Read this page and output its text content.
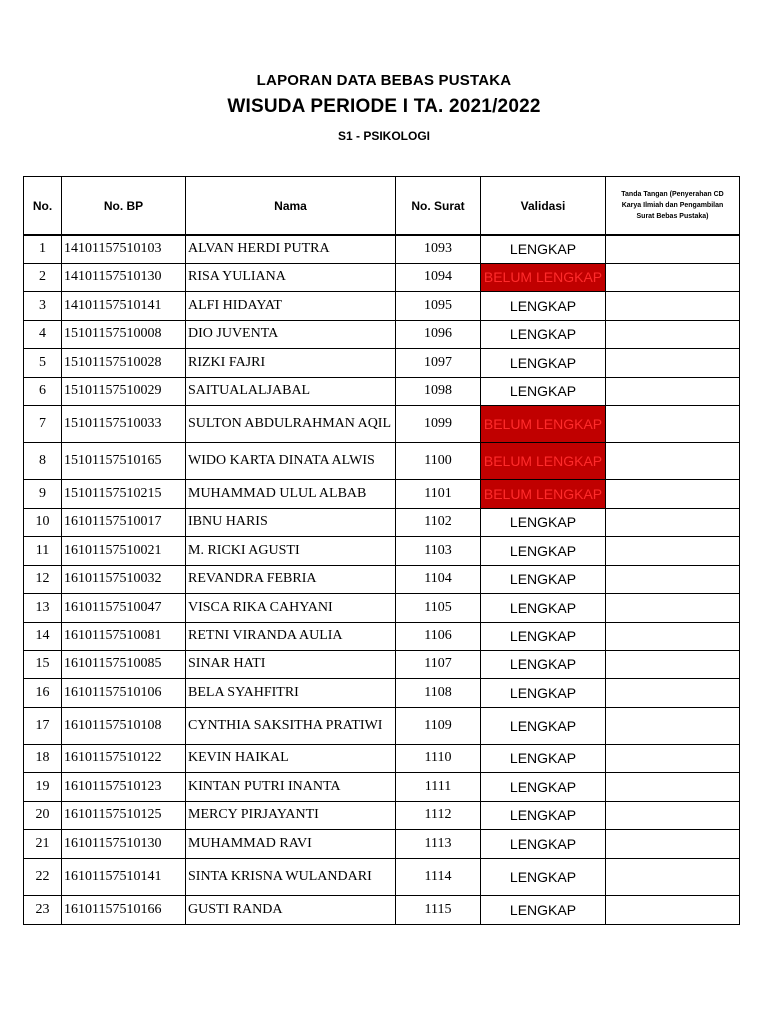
LAPORAN DATA BEBAS PUSTAKA
WISUDA PERIODE I TA. 2021/2022
S1 - PSIKOLOGI
No.	No. BP	Nama	No. Surat	Validasi	Tanda Tangan (Penyerahan CD Karya Ilmiah dan Pengambilan Surat Bebas Pustaka)
1	14101157510103	ALVAN HERDI PUTRA	1093	LENGKAP	
2	14101157510130	RISA YULIANA	1094	BELUM LENGKAP	
3	14101157510141	ALFI HIDAYAT	1095	LENGKAP	
4	15101157510008	DIO JUVENTA	1096	LENGKAP	
5	15101157510028	RIZKI FAJRI	1097	LENGKAP	
6	15101157510029	SAITUALALJABAL	1098	LENGKAP	
7	15101157510033	SULTON ABDULRAHMAN AQIL	1099	BELUM LENGKAP	
8	15101157510165	WIDO KARTA DINATA ALWIS	1100	BELUM LENGKAP	
9	15101157510215	MUHAMMAD ULUL ALBAB	1101	BELUM LENGKAP	
10	16101157510017	IBNU HARIS	1102	LENGKAP	
11	16101157510021	M. RICKI AGUSTI	1103	LENGKAP	
12	16101157510032	REVANDRA FEBRIA	1104	LENGKAP	
13	16101157510047	VISCA RIKA CAHYANI	1105	LENGKAP	
14	16101157510081	RETNI VIRANDA AULIA	1106	LENGKAP	
15	16101157510085	SINAR HATI	1107	LENGKAP	
16	16101157510106	BELA SYAHFITRI	1108	LENGKAP	
17	16101157510108	CYNTHIA SAKSITHA PRATIWI	1109	LENGKAP	
18	16101157510122	KEVIN HAIKAL	1110	LENGKAP	
19	16101157510123	KINTAN PUTRI INANTA	1111	LENGKAP	
20	16101157510125	MERCY PIRJAYANTI	1112	LENGKAP	
21	16101157510130	MUHAMMAD RAVI	1113	LENGKAP	
22	16101157510141	SINTA KRISNA WULANDARI	1114	LENGKAP	
23	16101157510166	GUSTI RANDA	1115	LENGKAP	
